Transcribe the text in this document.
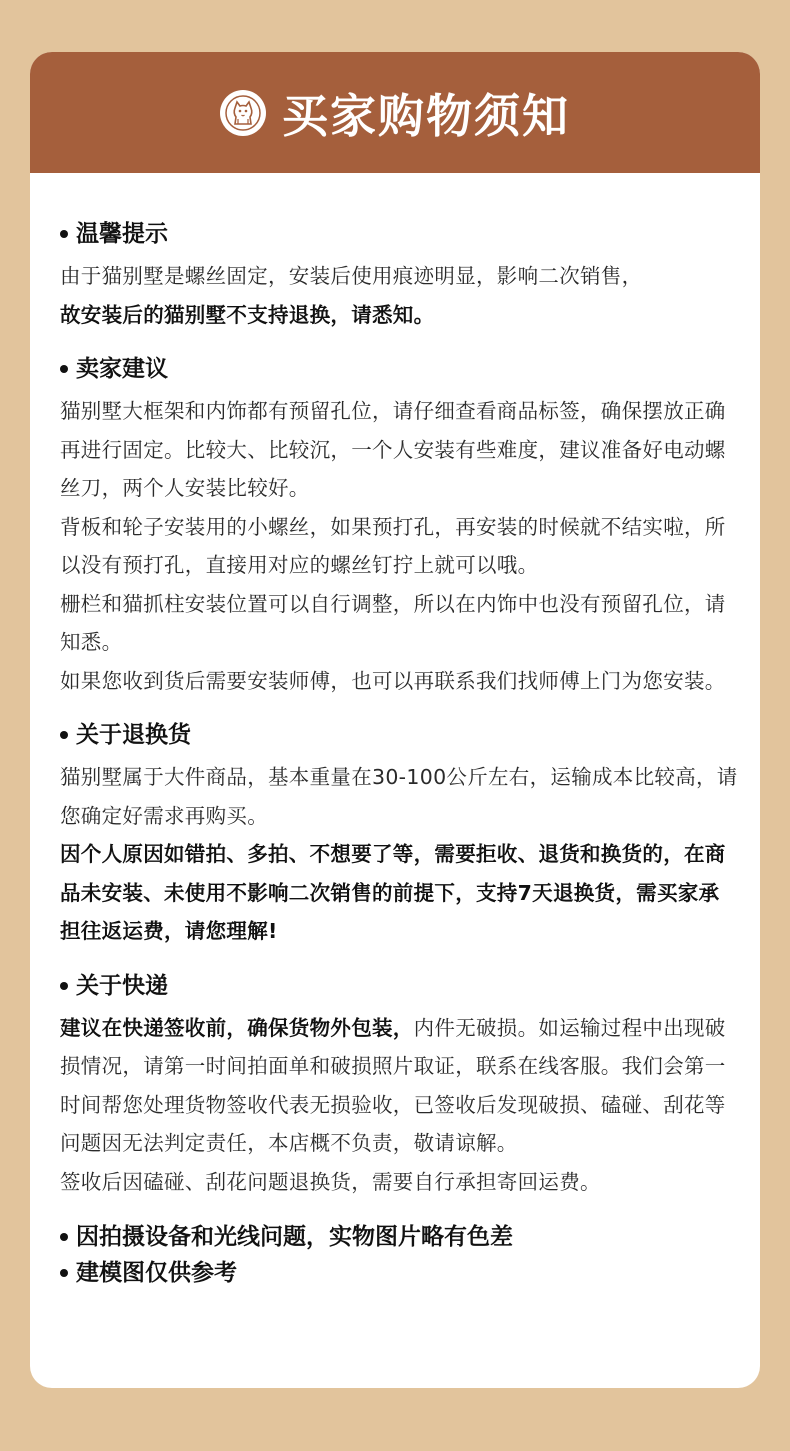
买家购物须知
温馨提示
由于猫别墅是螺丝固定，安装后使用痕迹明显，影响二次销售，
故安装后的猫别墅不支持退换，请悉知。
卖家建议
猫别墅大框架和内饰都有预留孔位，请仔细查看商品标签，确保摆放正确再进行固定。比较大、比较沉，一个人安装有些难度，建议准备好电动螺丝刀，两个人安装比较好。
背板和轮子安装用的小螺丝，如果预打孔，再安装的时候就不结实啦，所以没有预打孔，直接用对应的螺丝钉拧上就可以哦。
栅栏和猫抓柱安装位置可以自行调整，所以在内饰中也没有预留孔位，请知悉。
如果您收到货后需要安装师傅，也可以再联系我们找师傅上门为您安装。
关于退换货
猫别墅属于大件商品，基本重量在30-100公斤左右，运输成本比较高，请您确定好需求再购买。
因个人原因如错拍、多拍、不想要了等，需要拒收、退货和换货的，在商品未安装、未使用不影响二次销售的前提下，支持7天退换货，需买家承担往返运费，请您理解!
关于快递
建议在快递签收前，确保货物外包装，内件无破损。如运输过程中出现破损情况，请第一时间拍面单和破损照片取证，联系在线客服。我们会第一时间帮您处理货物签收代表无损验收，已签收后发现破损、磕碰、刮花等问题因无法判定责任，本店概不负责，敬请谅解。
签收后因磕碰、刮花问题退换货，需要自行承担寄回运费。
因拍摄设备和光线问题，实物图片略有色差
建模图仅供参考
